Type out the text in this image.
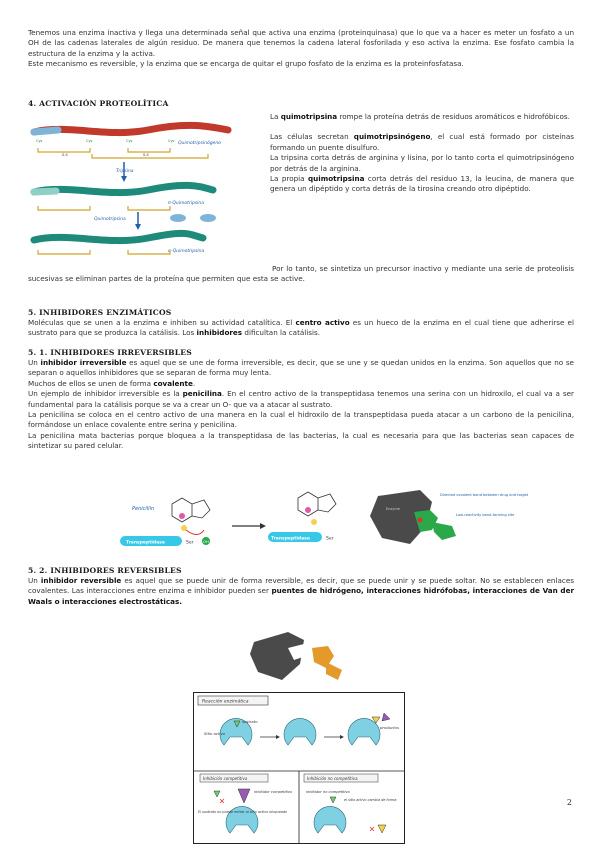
Tenemos una enzima inactiva y llega una determinada señal que activa una enzima (proteinquinasa) que lo que va a hacer es meter un fosfato a un OH de las cadenas laterales de algún residuo. De manera que tenemos la cadena lateral fosforilada y eso activa la enzima. Ese fosfato cambia la estructura de la enzima y la activa.

Este mecanismo es reversible, y la enzima que se encarga de quitar el grupo fosfato de la enzima es la proteinfosfatasa.

4. ACTIVACIÓN PROTEOLÍTICA
Quimotripsinógeno
Cys	Cys	Cys	Cys
S-S	S-S
Tripsina
π-Quimotripsina
Quimotripsina
α-Quimotripsina

La quimotripsina rompe la proteína detrás de residuos aromáticos e hidrofóbicos.

Las células secretan quimotripsinógeno, el cual está formado por cisteínas formando un puente disulfuro.

La tripsina corta detrás de arginina y lisina, por lo tanto corta el quimotripsinógeno por detrás de la arginina.

La propia quimotripsina corta detrás del residuo 13, la leucina, de manera que genera un dipéptido y corta detrás de la tirosina creando otro dipéptido.

Por lo tanto, se sintetiza un precursor inactivo y mediante una serie de proteolisis sucesivas se eliminan partes de la proteína que permiten que esta se active.

5. INHIBIDORES ENZIMÁTICOS

Moléculas que se unen a la enzima e inhiben su actividad catalítica. El centro activo es un hueco de la enzima en el cual tiene que adherirse el sustrato para que se produzca la catálisis. Los inhibidores dificultan la catálisis.

5. 1. INHIBIDORES IRREVERSIBLES

Un inhibidor irreversible es aquel que se une de forma irreversible, es decir, que se une y se quedan unidos en la enzima. Son aquellos que no se separan o aquellos inhibidores que se separan de forma muy lenta.

Muchos de ellos se unen de forma covalente.

Un ejemplo de inhibidor irreversible es la penicilina. En el centro activo de la transpeptidasa tenemos una serina con un hidroxilo, el cual va a ser fundamental para la catálisis porque se va a crear un O- que va a atacar al sustrato.

La penicilina se coloca en el centro activo de una manera en la cual el hidroxilo de la transpeptidasa pueda atacar a un carbono de la penicilina, formándose un enlace covalente entre serina y penicilina.

La penicilina mata bacterias porque bloquea a la transpeptidasa de las bacterias, la cual es necesaria para que las bacterias sean capaces de sintetizar su pared celular.

Penicillin
Transpeptidase	Ser	OH	Transpeptidase	Ser
Enzyme
Directed covalent bond between drug and target
Low-reactivity bond-forming site
5. 2. INHIBIDORES REVERSIBLES

Un inhibidor reversible es aquel que se puede unir de forma reversible, es decir, que se puede unir y se puede soltar. No se establecen enlaces covalentes. Las interacciones entre enzima e inhibidor pueden ser puentes de hidrógeno, interacciones hidrófobas, interacciones de Van der Waals o interacciones electrostáticas.

Reacción enzimática
sustrato
Sitio activo
productos
Inhibición competitiva
inhibidor competitivo
El sustrato no puede entrar al sitio activo bloqueado
Inhibición no competitiva
inhibidor no competitivo
el sitio activo cambia de forma	2
